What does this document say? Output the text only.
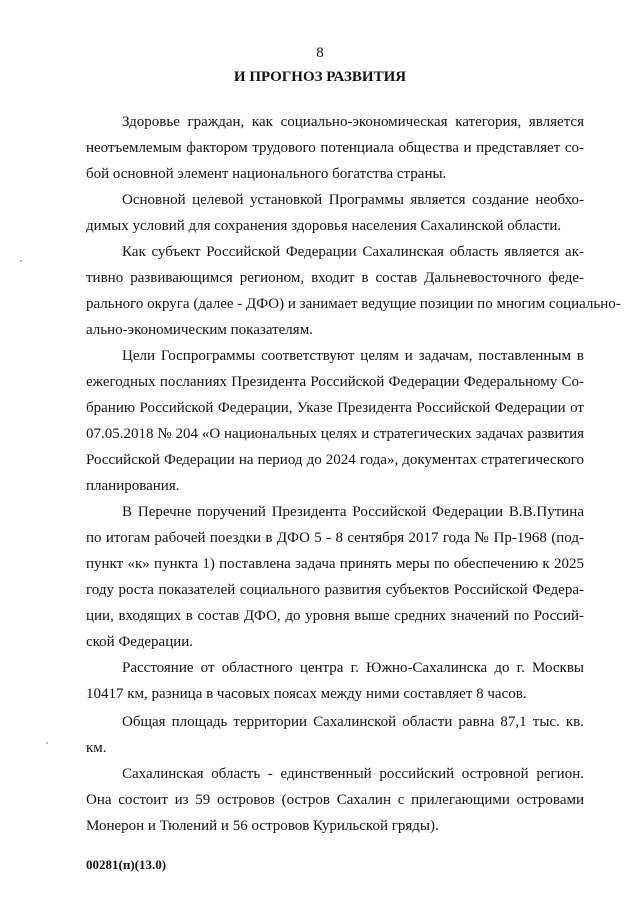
8
И ПРОГНОЗ РАЗВИТИЯ
Здоровье граждан, как социально-экономическая категория, является
неотъемлемым фактором трудового потенциала общества и представляет со-
бой основной элемент национального богатства страны.
Основной целевой установкой Программы является создание необхо-
димых условий для сохранения здоровья населения Сахалинской области.
Как субъект Российской Федерации Сахалинская область является ак-
тивно развивающимся регионом, входит в состав Дальневосточного феде-
рального округа (далее - ДФО) и занимает ведущие позиции по многим социально-
ально-экономическим показателям.
Цели Госпрограммы соответствуют целям и задачам, поставленным в
ежегодных посланиях Президента Российской Федерации Федеральному Со-
бранию Российской Федерации, Указе Президента Российской Федерации от
07.05.2018 № 204 «О национальных целях и стратегических задачах развития
Российской Федерации на период до 2024 года», документах стратегического
планирования.
В Перечне поручений Президента Российской Федерации В.В.Путина
по итогам рабочей поездки в ДФО 5 - 8 сентября 2017 года № Пр-1968 (под-
пункт «к» пункта 1) поставлена задача принять меры по обеспечению к 2025
году роста показателей социального развития субъектов Российской Федера-
ции, входящих в состав ДФО, до уровня выше средних значений по Россий-
ской Федерации.
Расстояние от областного центра г. Южно-Сахалинска до г. Москвы
10417 км, разница в часовых поясах между ними составляет 8 часов.
Общая площадь территории Сахалинской области равна 87,1 тыс. кв.
км.
Сахалинская область - единственный российский островной регион.
Она состоит из 59 островов (остров Сахалин с прилегающими островами
Монерон и Тюлений и 56 островов Курильской гряды).
00281(п)(13.0)
